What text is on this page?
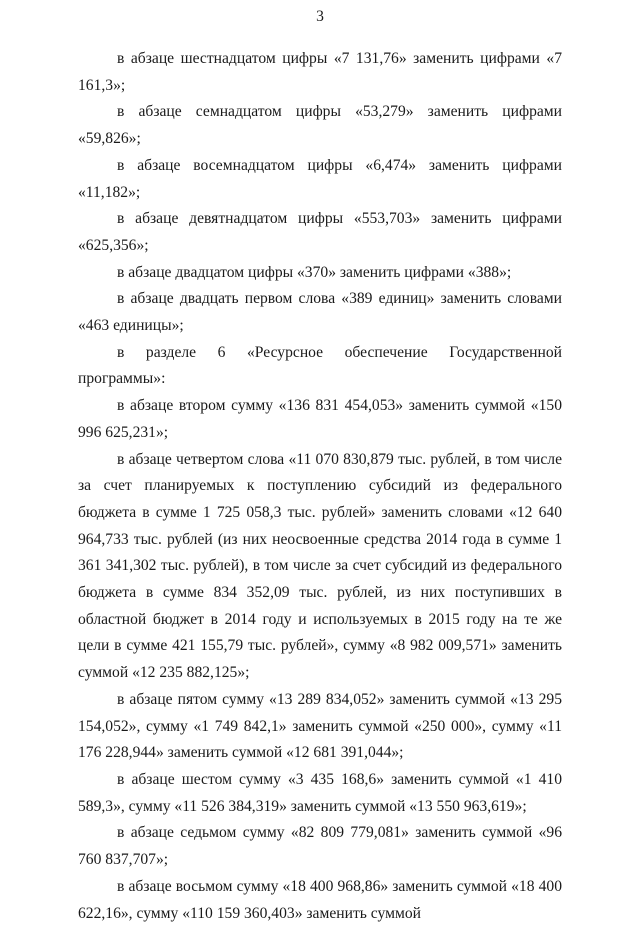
3

в абзаце шестнадцатом цифры «7 131,76» заменить цифрами «7 161,3»;

в абзаце семнадцатом цифры «53,279» заменить цифрами «59,826»;

в абзаце восемнадцатом цифры «6,474» заменить цифрами «11,182»;

в абзаце девятнадцатом цифры «553,703» заменить цифрами «625,356»;

в абзаце двадцатом цифры «370» заменить цифрами «388»;

в абзаце двадцать первом слова «389 единиц» заменить словами «463 единицы»;

в разделе 6 «Ресурсное обеспечение Государственной программы»:

в абзаце втором сумму «136 831 454,053» заменить суммой «150 996 625,231»;

в абзаце четвертом слова «11 070 830,879 тыс. рублей, в том числе за счет планируемых к поступлению субсидий из федерального бюджета в сумме 1 725 058,3 тыс. рублей» заменить словами «12 640 964,733 тыс. рублей (из них неосвоенные средства 2014 года в сумме 1 361 341,302 тыс. рублей), в том числе за счет субсидий из федерального бюджета в сумме 834 352,09 тыс. рублей, из них поступивших в областной бюджет в 2014 году и используемых в 2015 году на те же цели в сумме 421 155,79 тыс. рублей», сумму «8 982 009,571» заменить суммой «12 235 882,125»;

в абзаце пятом сумму «13 289 834,052» заменить суммой «13 295 154,052», сумму «1 749 842,1» заменить суммой «250 000», сумму «11 176 228,944» заменить суммой «12 681 391,044»;

в абзаце шестом сумму «3 435 168,6» заменить суммой «1 410 589,3», сумму «11 526 384,319» заменить суммой «13 550 963,619»;

в абзаце седьмом сумму «82 809 779,081» заменить суммой «96 760 837,707»;

в абзаце восьмом сумму «18 400 968,86» заменить суммой «18 400 622,16», сумму «110 159 360,403» заменить суммой
